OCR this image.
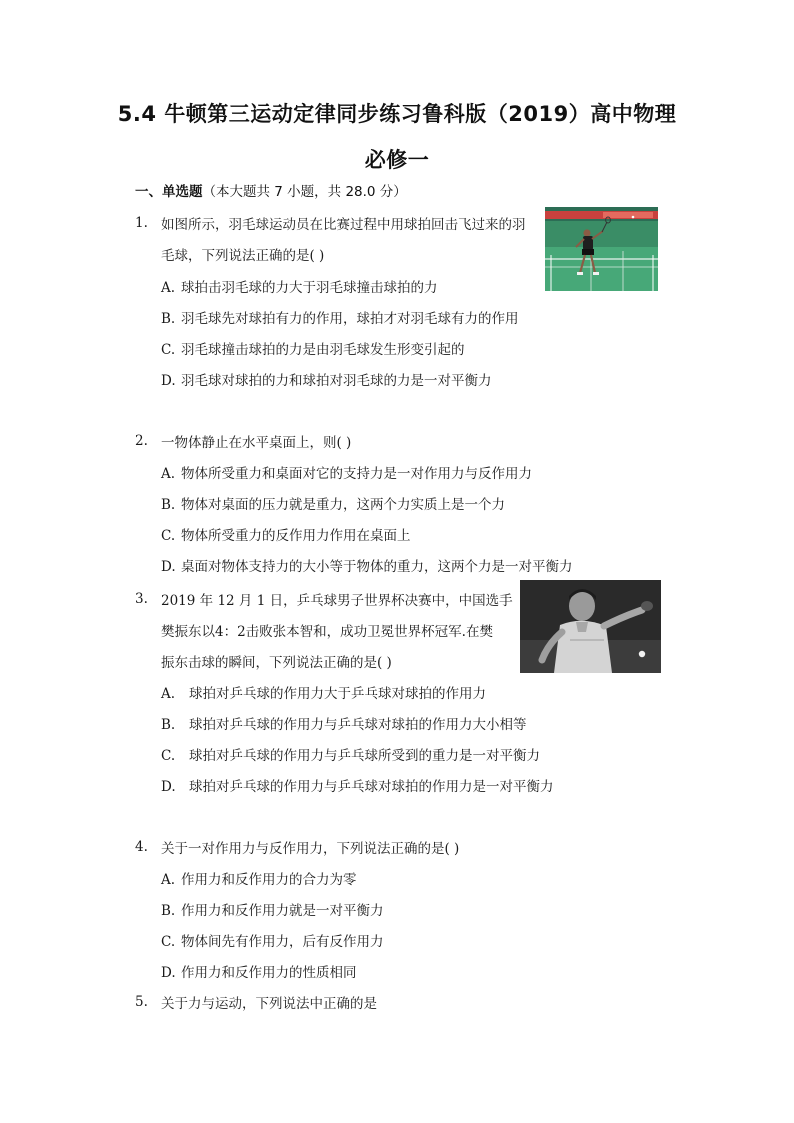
5.4 牛顿第三运动定律同步练习鲁科版（2019）高中物理
必修一
一、单选题（本大题共 7 小题，共 28.0 分）
1. 如图所示，羽毛球运动员在比赛过程中用球拍回击飞过来的羽
毛球，下列说法正确的是( )
A. 球拍击羽毛球的力大于羽毛球撞击球拍的力
B. 羽毛球先对球拍有力的作用，球拍才对羽毛球有力的作用
C. 羽毛球撞击球拍的力是由羽毛球发生形变引起的
D. 羽毛球对球拍的力和球拍对羽毛球的力是一对平衡力
2. 一物体静止在水平桌面上，则( )
A. 物体所受重力和桌面对它的支持力是一对作用力与反作用力
B. 物体对桌面的压力就是重力，这两个力实质上是一个力
C. 物体所受重力的反作用力作用在桌面上
D. 桌面对物体支持力的大小等于物体的重力，这两个力是一对平衡力
3. 2019 年 12 月 1 日，乒乓球男子世界杯决赛中，中国选手
樊振东以4：2击败张本智和，成功卫冕世界杯冠军.在樊
振东击球的瞬间，下列说法正确的是( )
A. 球拍对乒乓球的作用力大于乒乓球对球拍的作用力
B. 球拍对乒乓球的作用力与乒乓球对球拍的作用力大小相等
C. 球拍对乒乓球的作用力与乒乓球所受到的重力是一对平衡力
D. 球拍对乒乓球的作用力与乒乓球对球拍的作用力是一对平衡力
4. 关于一对作用力与反作用力，下列说法正确的是( )
A. 作用力和反作用力的合力为零
B. 作用力和反作用力就是一对平衡力
C. 物体间先有作用力，后有反作用力
D. 作用力和反作用力的性质相同
5. 关于力与运动，下列说法中正确的是
